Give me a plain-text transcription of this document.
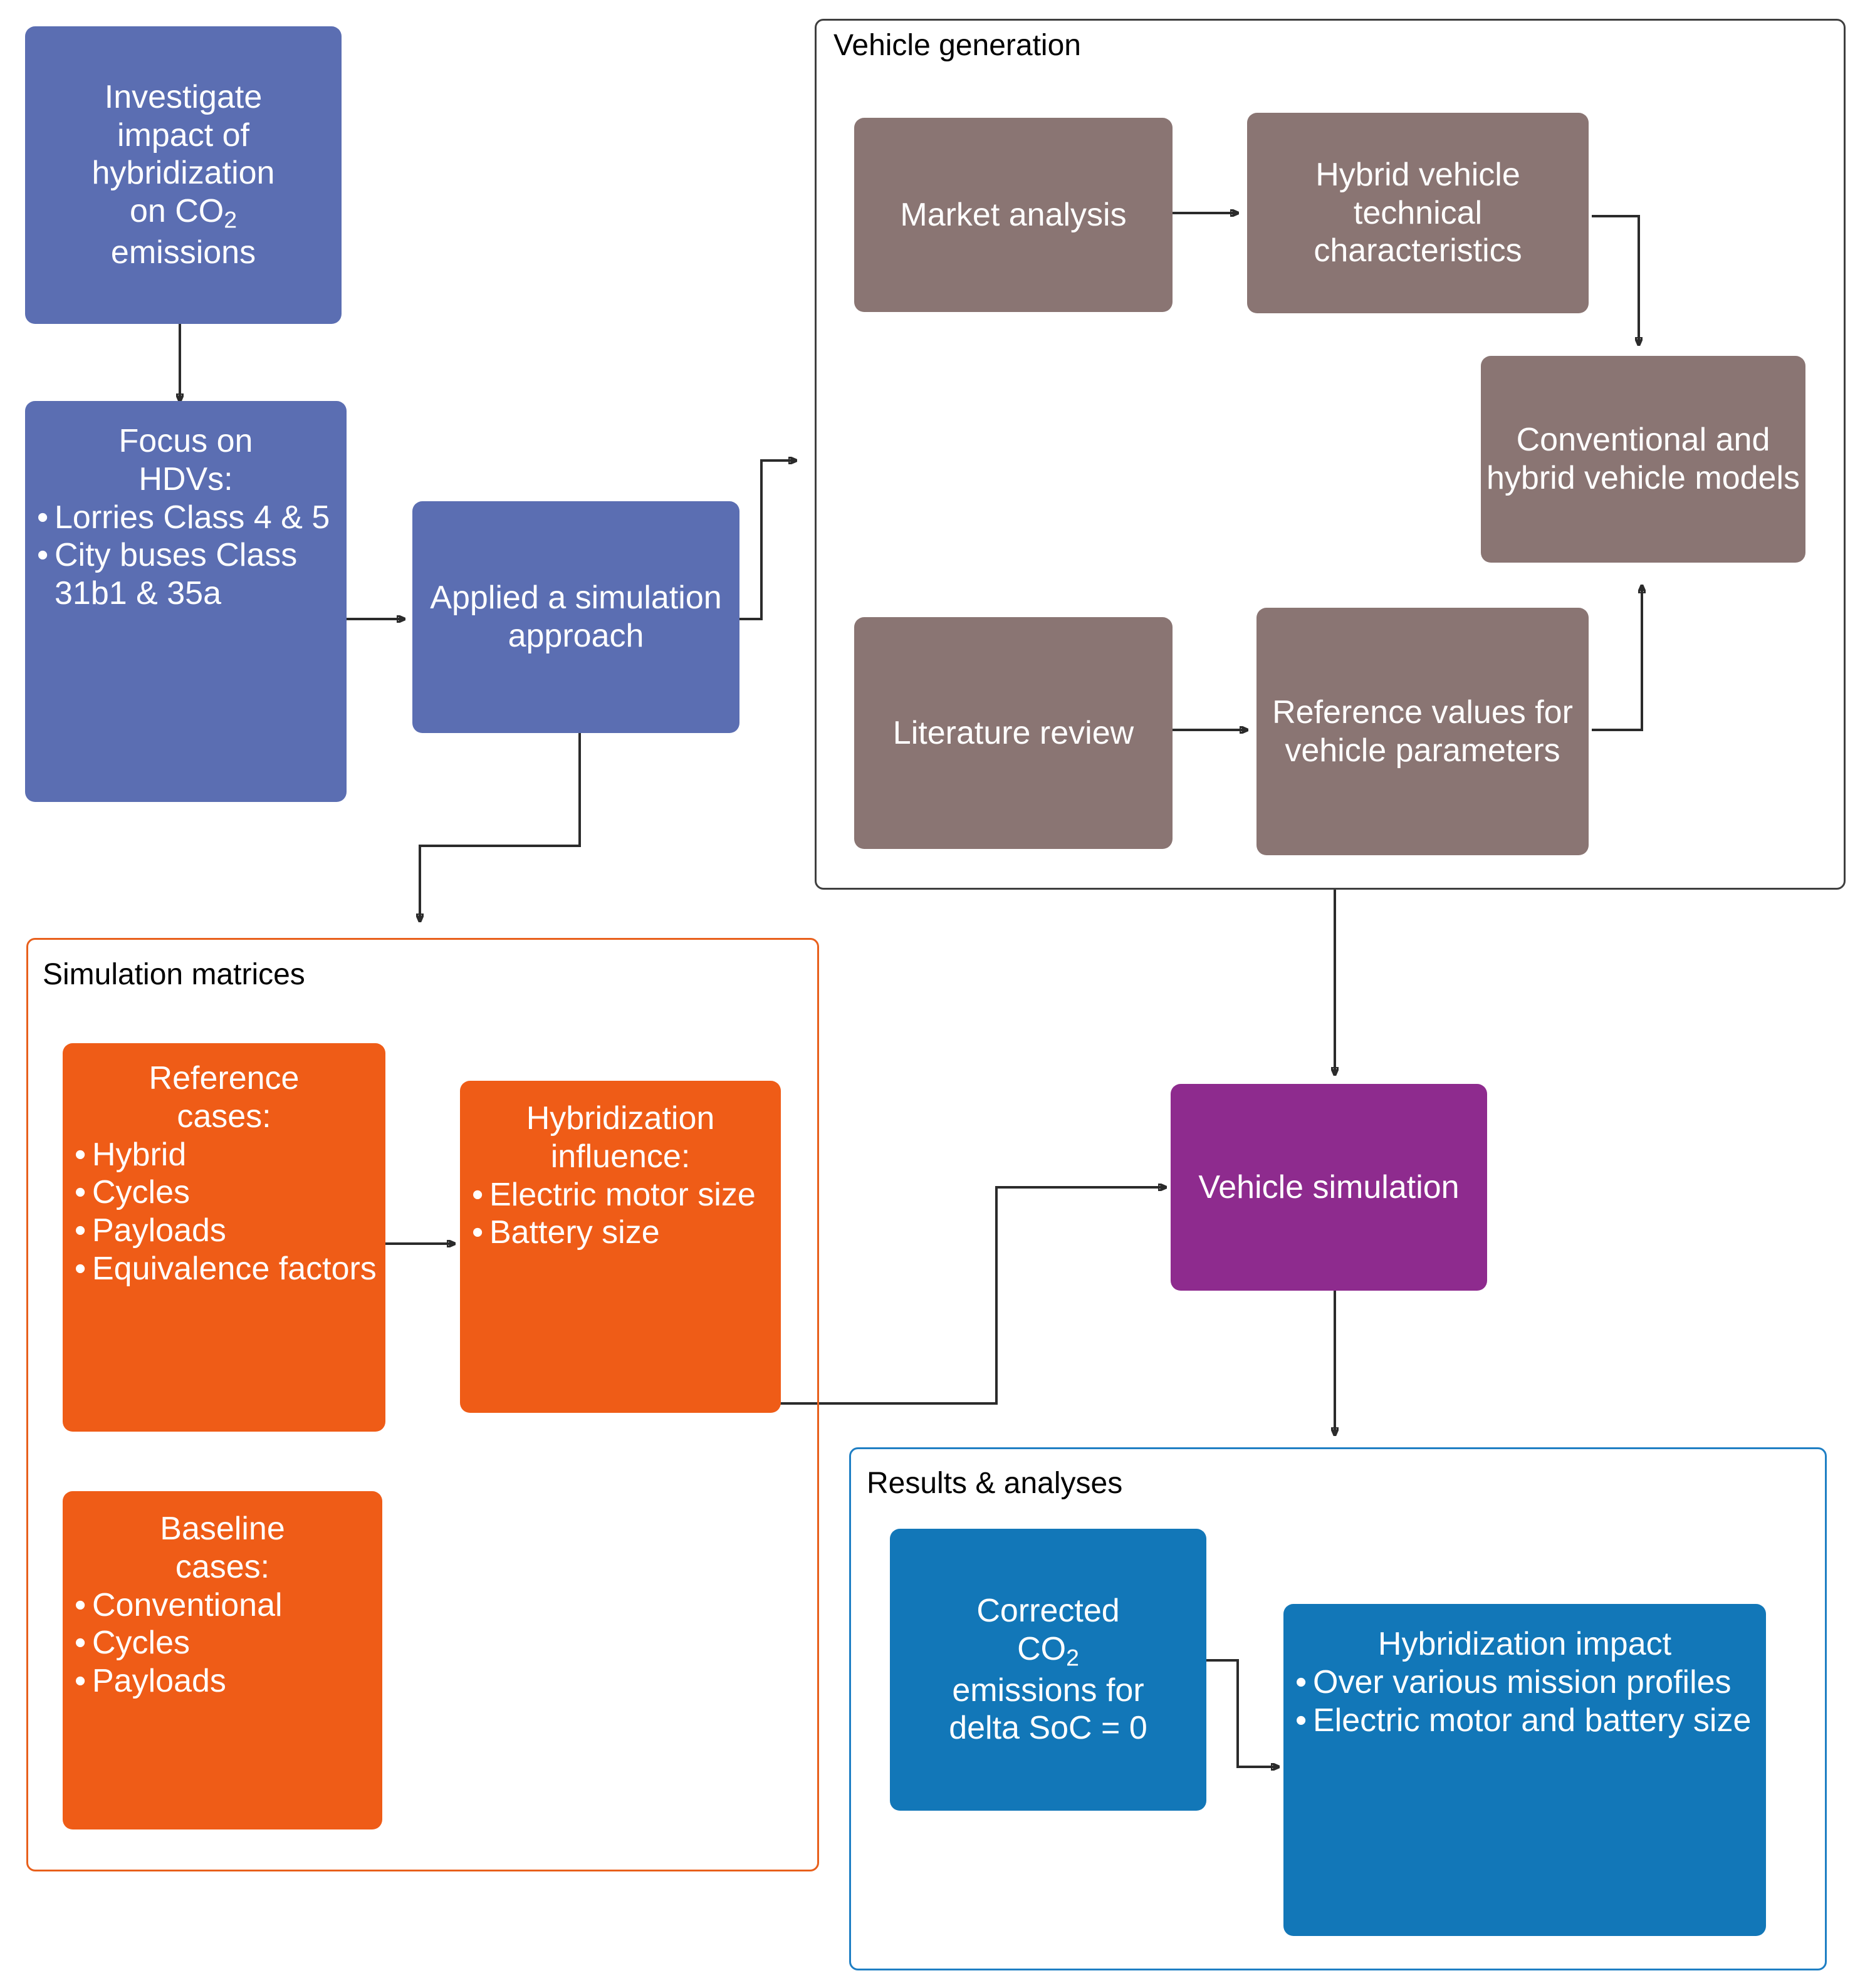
Vehicle generation
Simulation matrices
Results & analyses
Investigate
impact of
hybridization
on $CO_2$
emissions
Focus on
HDVs:
• Lorries Class 4 & 5
• City buses Class 31b1 & 35a	Applied a simulation approach
Market analysis
Hybrid vehicle technical characteristics
Conventional and hybrid vehicle models
Literature review
Reference values for vehicle parameters
Reference
cases:
• Hybrid
• Cycles
• Payloads
• Equivalence factors
Hybridization
influence:
• Electric motor size
• Battery size
Baseline
cases:
• Conventional
• Cycles
• Payloads
Vehicle simulation
Corrected
$CO_2$
emissions for
delta SoC = 0
Hybridization impact
• Over various mission profiles
• Electric motor and battery size
